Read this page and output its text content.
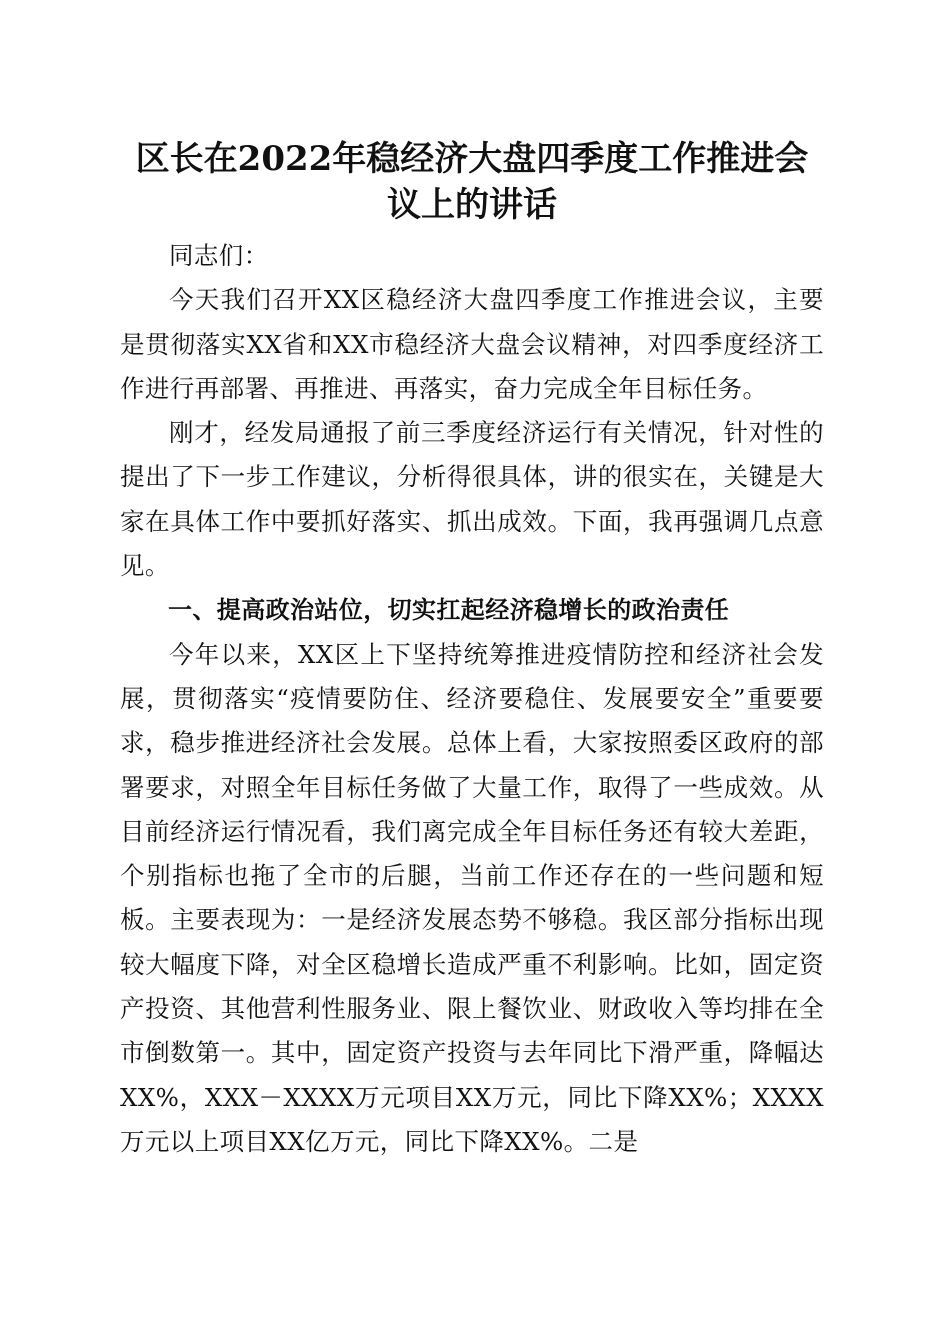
区长在2022年稳经济大盘四季度工作推进会
议上的讲话

同志们：

今天我们召开XX区稳经济大盘四季度工作推进会议，主要是贯彻落实XX省和XX市稳经济大盘会议精神，对四季度经济工作进行再部署、再推进、再落实，奋力完成全年目标任务。

刚才，经发局通报了前三季度经济运行有关情况，针对性的提出了下一步工作建议，分析得很具体，讲的很实在，关键是大家在具体工作中要抓好落实、抓出成效。下面，我再强调几点意见。

一、提高政治站位，切实扛起经济稳增长的政治责任

今年以来，XX区上下坚持统筹推进疫情防控和经济社会发展，贯彻落实“疫情要防住、经济要稳住、发展要安全”重要要求，稳步推进经济社会发展。总体上看，大家按照委区政府的部署要求，对照全年目标任务做了大量工作，取得了一些成效。从目前经济运行情况看，我们离完成全年目标任务还有较大差距，个别指标也拖了全市的后腿，当前工作还存在的一些问题和短板。主要表现为：一是经济发展态势不够稳。我区部分指标出现较大幅度下降，对全区稳增长造成严重不利影响。比如，固定资产投资、其他营利性服务业、限上餐饮业、财政收入等均排在全市倒数第一。其中，固定资产投资与去年同比下滑严重，降幅达XX%，XXX－XXXX万元项目XX万元，同比下降XX%；XXXX万元以上项目XX亿万元，同比下降XX%。二是
